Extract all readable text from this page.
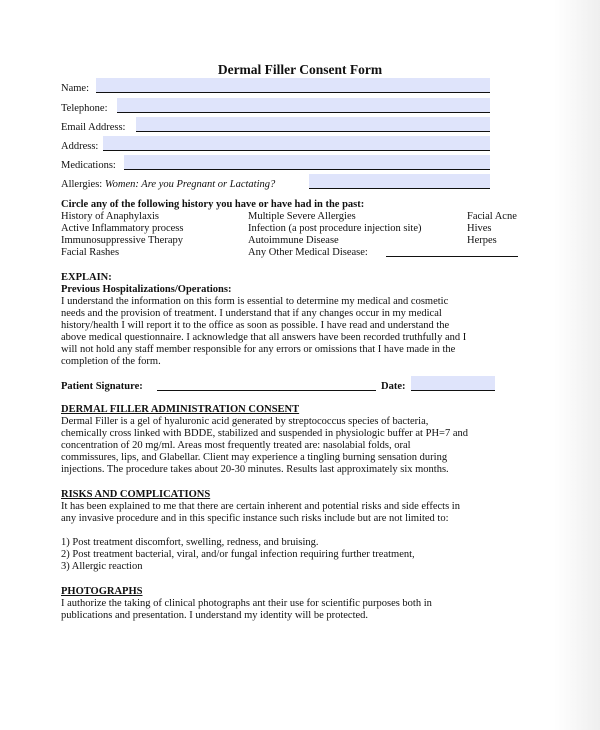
Dermal Filler Consent Form
Name:
Telephone:
Email Address:
Address:
Medications:
Allergies: Women: Are you Pregnant or Lactating?
Circle any of the following history you have or have had in the past:
History of Anaphylaxis
Active Inflammatory process
Immunosuppressive Therapy
Facial Rashes
Multiple Severe Allergies
Infection (a post procedure injection site)
Autoimmune Disease
Any Other Medical Disease:
Facial Acne
Hives
Herpes
EXPLAIN:
Previous Hospitalizations/Operations:
I understand the information on this form is essential to determine my medical and cosmetic
needs and the provision of treatment. I understand that if any changes occur in my medical
history/health I will report it to the office as soon as possible. I have read and understand the
above medical questionnaire. I acknowledge that all answers have been recorded truthfully and I
will not hold any staff member responsible for any errors or omissions that I have made in the
completion of the form.
Patient Signature:	Date:
DERMAL FILLER ADMINISTRATION CONSENT
Dermal Filler is a gel of hyaluronic acid generated by streptococcus species of bacteria,
chemically cross linked with BDDE, stabilized and suspended in physiologic buffer at PH=7 and
concentration of 20 mg/ml. Areas most frequently treated are: nasolabial folds, oral
commissures, lips, and Glabellar. Client may experience a tingling burning sensation during
injections. The procedure takes about 20-30 minutes. Results last approximately six months.
RISKS AND COMPLICATIONS
It has been explained to me that there are certain inherent and potential risks and side effects in
any invasive procedure and in this specific instance such risks include but are not limited to:
1) Post treatment discomfort, swelling, redness, and bruising.
2) Post treatment bacterial, viral, and/or fungal infection requiring further treatment,
3) Allergic reaction
PHOTOGRAPHS
I authorize the taking of clinical photographs ant their use for scientific purposes both in
publications and presentation. I understand my identity will be protected.
